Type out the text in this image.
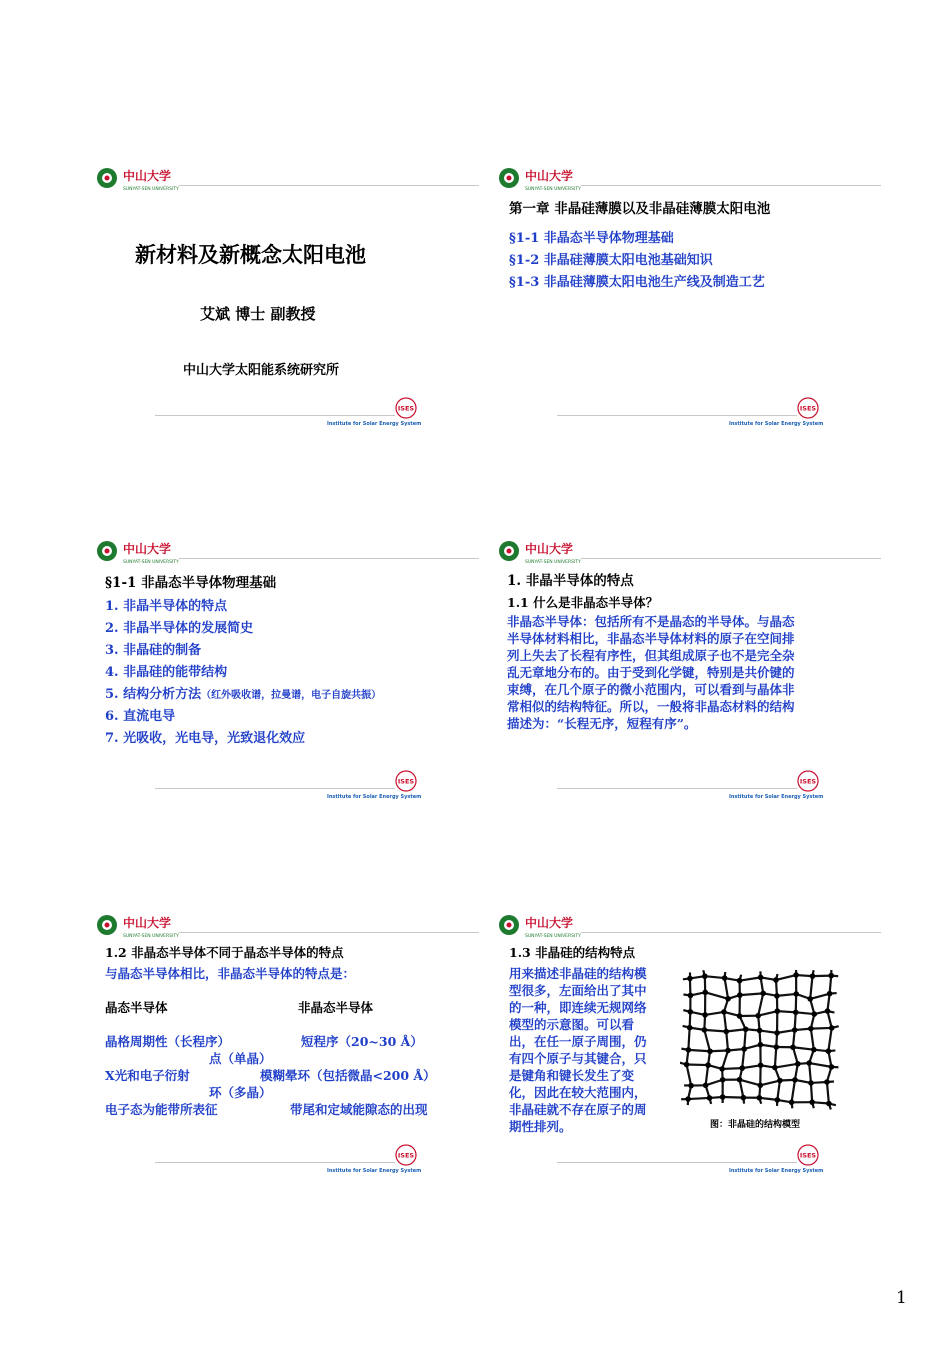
中山大学
SUNYAT-SEN UNIVERSITY
新材料及新概念太阳电池
艾斌 博士 副教授
中山大学太阳能系统研究所
ISES
Institute for Solar Energy System
中山大学
SUNYAT-SEN UNIVERSITY
第一章 非晶硅薄膜以及非晶硅薄膜太阳电池
§1-1 非晶态半导体物理基础
§1-2 非晶硅薄膜太阳电池基础知识
§1-3 非晶硅薄膜太阳电池生产线及制造工艺
ISES
Institute for Solar Energy System
中山大学
SUNYAT-SEN UNIVERSITY
§1-1 非晶态半导体物理基础
1. 非晶半导体的特点
2. 非晶半导体的发展简史
3. 非晶硅的制备
4. 非晶硅的能带结构
5. 结构分析方法（红外吸收谱，拉曼谱，电子自旋共振）
6. 直流电导
7. 光吸收，光电导，光致退化效应
ISES
Institute for Solar Energy System
中山大学
SUNYAT-SEN UNIVERSITY
1. 非晶半导体的特点
1.1 什么是非晶态半导体？
非晶态半导体：包括所有不是晶态的半导体。与晶态
半导体材料相比，非晶态半导体材料的原子在空间排
列上失去了长程有序性，但其组成原子也不是完全杂
乱无章地分布的。由于受到化学键，特别是共价键的
束缚，在几个原子的微小范围内，可以看到与晶体非
常相似的结构特征。所以，一般将非晶态材料的结构
描述为：“长程无序，短程有序”。
ISES
Institute for Solar Energy System
中山大学
SUNYAT-SEN UNIVERSITY
1.2 非晶态半导体不同于晶态半导体的特点
与晶态半导体相比，非晶态半导体的特点是：
晶态半导体	非晶态半导体
晶格周期性（长程序）	短程序（20~30 Å）
点（单晶）
X光和电子衍射	模糊晕环（包括微晶<200 Å）
环（多晶）
电子态为能带所表征	带尾和定域能隙态的出现
ISES
Institute for Solar Energy System
中山大学
SUNYAT-SEN UNIVERSITY
1.3 非晶硅的结构特点
用来描述非晶硅的结构模
型很多，左面给出了其中
的一种，即连续无规网络
模型的示意图。可以看
出，在任一原子周围，仍
有四个原子与其键合，只
是键角和键长发生了变
化，因此在较大范围内，
非晶硅就不存在原子的周
期性排列。	图：非晶硅的结构模型
ISES
Institute for Solar Energy System
1
